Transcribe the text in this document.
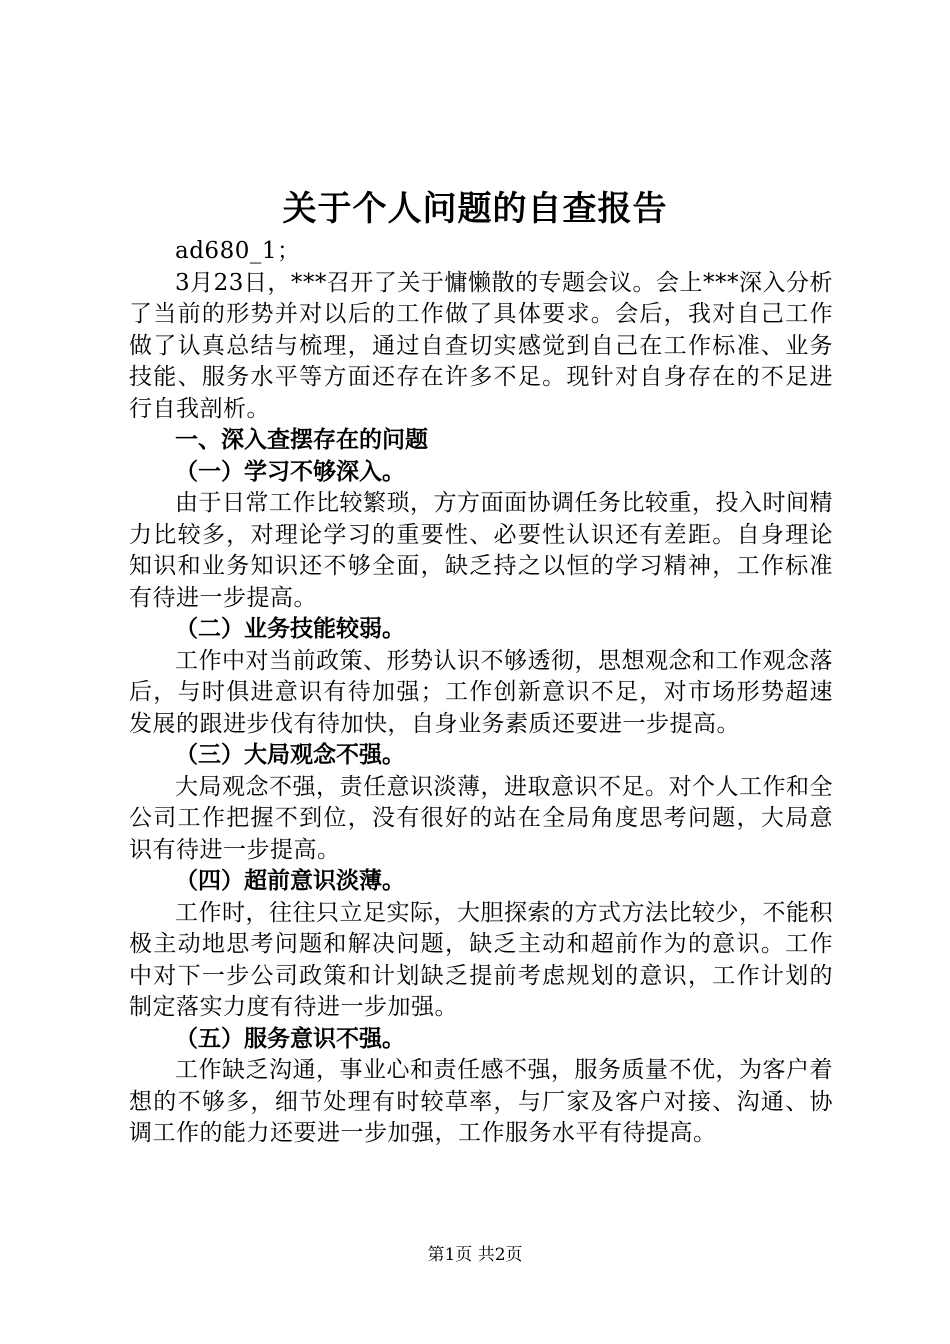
关于个人问题的自查报告

ad680_1；

3月23日，***召开了关于慵懒散的专题会议。会上***深入分析了当前的形势并对以后的工作做了具体要求。会后，我对自己工作做了认真总结与梳理，通过自查切实感觉到自己在工作标准、业务技能、服务水平等方面还存在许多不足。现针对自身存在的不足进行自我剖析。

一、深入查摆存在的问题

（一）学习不够深入。

由于日常工作比较繁琐，方方面面协调任务比较重，投入时间精力比较多，对理论学习的重要性、必要性认识还有差距。自身理论知识和业务知识还不够全面，缺乏持之以恒的学习精神，工作标准有待进一步提高。

（二）业务技能较弱。

工作中对当前政策、形势认识不够透彻，思想观念和工作观念落后，与时俱进意识有待加强；工作创新意识不足，对市场形势超速发展的跟进步伐有待加快，自身业务素质还要进一步提高。

（三）大局观念不强。

大局观念不强，责任意识淡薄，进取意识不足。对个人工作和全公司工作把握不到位，没有很好的站在全局角度思考问题，大局意识有待进一步提高。

（四）超前意识淡薄。

工作时，往往只立足实际，大胆探索的方式方法比较少，不能积极主动地思考问题和解决问题，缺乏主动和超前作为的意识。工作中对下一步公司政策和计划缺乏提前考虑规划的意识，工作计划的制定落实力度有待进一步加强。

（五）服务意识不强。

工作缺乏沟通，事业心和责任感不强，服务质量不优，为客户着想的不够多，细节处理有时较草率，与厂家及客户对接、沟通、协调工作的能力还要进一步加强，工作服务水平有待提高。

第1页 共2页
